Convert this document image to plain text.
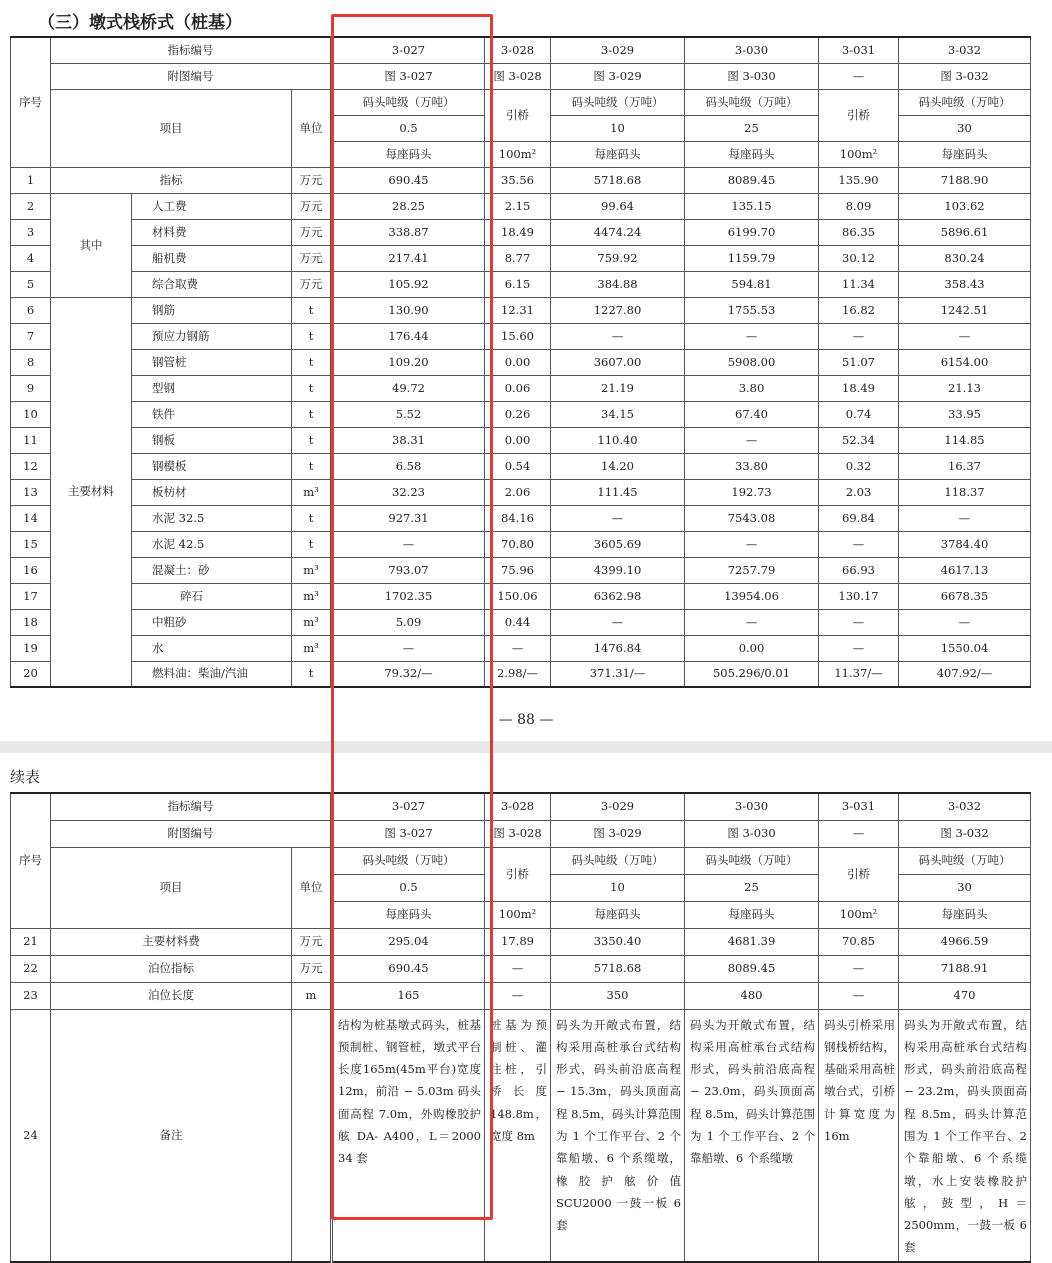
（三）墩式栈桥式（桩基）
序号	指标编号			3-027	3-028	3-029	3-030	3-031	3-032
	附图编号			图 3-027	图 3-028	图 3-029	图 3-030	—	图 3-032
	项目		单位	码头吨级（万吨）	引桥	码头吨级（万吨）	码头吨级（万吨）	引桥	码头吨级（万吨）
				0.5		10	25		30
				每座码头	100m²	每座码头	每座码头	100m²	每座码头
1	指标		万元	690.45	35.56	5718.68	8089.45	135.90	7188.90
2	其中	人工费	万元	28.25	2.15	99.64	135.15	8.09	103.62
3		材料费	万元	338.87	18.49	4474.24	6199.70	86.35	5896.61
4		船机费	万元	217.41	8.77	759.92	1159.79	30.12	830.24
5		综合取费	万元	105.92	6.15	384.88	594.81	11.34	358.43
6	主要材料	钢筋	t	130.90	12.31	1227.80	1755.53	16.82	1242.51
7		预应力钢筋	t	176.44	15.60	—	—	—	—
8		钢管桩	t	109.20	0.00	3607.00	5908.00	51.07	6154.00
9		型钢	t	49.72	0.06	21.19	3.80	18.49	21.13
10		铁件	t	5.52	0.26	34.15	67.40	0.74	33.95
11		钢板	t	38.31	0.00	110.40	—	52.34	114.85
12		钢模板	t	6.58	0.54	14.20	33.80	0.32	16.37
13		板枋材	m³	32.23	2.06	111.45	192.73	2.03	118.37
14		水泥 32.5	t	927.31	84.16	—	7543.08	69.84	—
15		水泥 42.5	t	—	70.80	3605.69	—	—	3784.40
16		混凝土：砂	m³	793.07	75.96	4399.10	7257.79	66.93	4617.13
17		碎石	m³	1702.35	150.06	6362.98	13954.06	130.17	6678.35
18		中粗砂	m³	5.09	0.44	—	—	—	—
19		水	m³	—	—	1476.84	0.00	—	1550.04
20		燃料油：柴油/汽油	t	79.32/—	2.98/—	371.31/—	505.296/0.01	11.37/—	407.92/—
— 88 —
续表
序号	指标编号		3-027	3-028	3-029	3-030	3-031	3-032
	附图编号		图 3-027	图 3-028	图 3-029	图 3-030	—	图 3-032
	项目	单位	码头吨级（万吨）	引桥	码头吨级（万吨）	码头吨级（万吨）	引桥	码头吨级（万吨）
			0.5		10	25		30
			每座码头	100m²	每座码头	每座码头	100m²	每座码头
21	主要材料费	万元	295.04	17.89	3350.40	4681.39	70.85	4966.59
22	泊位指标	万元	690.45	—	5718.68	8089.45	—	7188.91
23	泊位长度	m	165	—	350	480	—	470
24	备注		结构为桩基墩式码头，桩基预制桩、钢管桩，墩式平台长度165m(45m平台)宽度12m，前沿 − 5.03m 码头面高程 7.0m，外购橡胶护舷 DA- A400，L＝2000 34 套	桩基为预制桩、灌注桩，引桥长度 148.8m，宽度 8m	码头为开敞式布置，结构采用高桩承台式结构形式，码头前沿底高程 − 15.3m，码头顶面高程 8.5m，码头计算范围为 1 个工作平台、2 个靠船墩、6 个系缆墩，橡胶护舷价值 SCU2000 一鼓一板 6 套	码头为开敞式布置，结构采用高桩承台式结构形式，码头前沿底高程 − 23.0m，码头顶面高程 8.5m，码头计算范围为 1 个工作平台、2 个靠船墩、6 个系缆墩	码头引桥采用钢栈桥结构，基础采用高桩墩台式，引桥计算宽度为 16m	码头为开敞式布置，结构采用高桩承台式结构形式，码头前沿底高程 − 23.2m，码头顶面高程 8.5m，码头计算范围为 1 个工作平台、2 个靠船墩、6 个系缆墩，水上安装橡胶护舷，鼓型，H＝2500mm，一鼓一板 6 套
